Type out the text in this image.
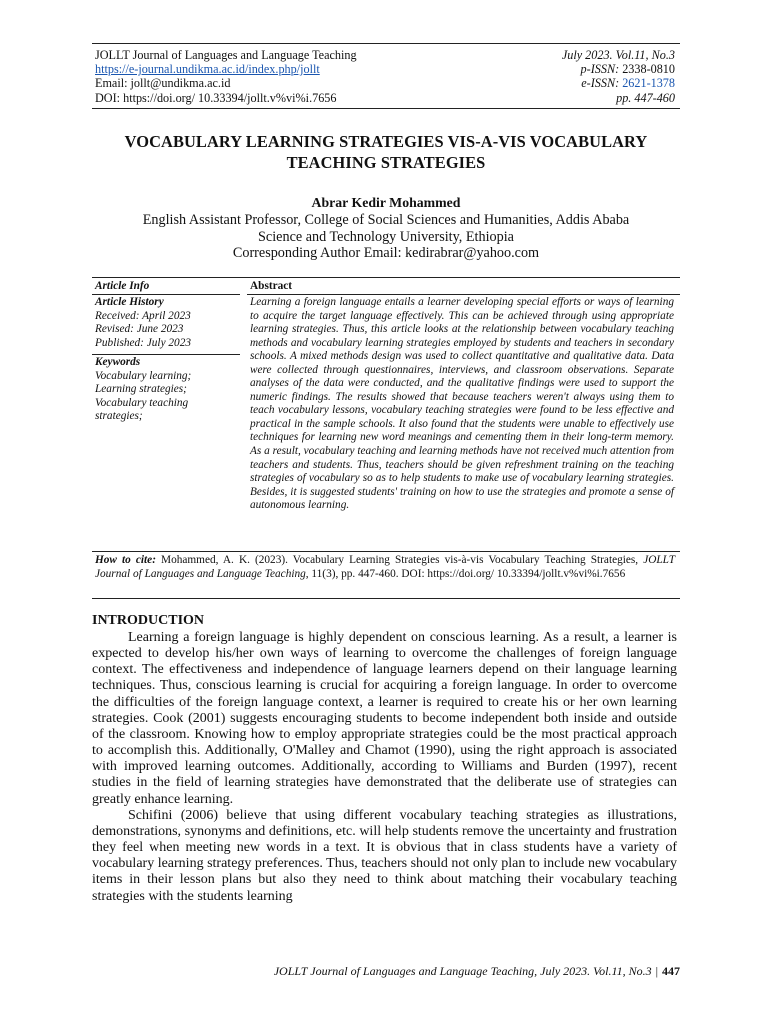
JOLLT Journal of Languages and Language Teaching	July 2023. Vol.11, No.3
https://e-journal.undikma.ac.id/index.php/jollt	p-ISSN: 2338-0810
Email: jollt@undikma.ac.id	e-ISSN: 2621-1378
DOI: https://doi.org/ 10.33394/jollt.v%vi%i.7656	pp. 447-460
VOCABULARY LEARNING STRATEGIES VIS-A-VIS VOCABULARY
TEACHING STRATEGIES
Abrar Kedir Mohammed
English Assistant Professor, College of Social Sciences and Humanities, Addis Ababa
Science and Technology University, Ethiopia
Corresponding Author Email: kedirabrar@yahoo.com
Article Info	Abstract
Article History
Received: April 2023
Revised: June 2023
Published: July 2023
Keywords
Vocabulary learning;
Learning strategies;
Vocabulary teaching strategies;
Learning a foreign language entails a learner developing special efforts or ways of learning to acquire the target language effectively. This can be achieved through using appropriate learning strategies. Thus, this article looks at the relationship between vocabulary teaching methods and vocabulary learning strategies employed by students and teachers in secondary schools. A mixed methods design was used to collect quantitative and qualitative data. Data were collected through questionnaires, interviews, and classroom observations. Separate analyses of the data were conducted, and the qualitative findings were used to support the numeric findings. The results showed that because teachers weren't always using them to teach vocabulary lessons, vocabulary teaching strategies were found to be less effective and practical in the sample schools. It also found that the students were unable to effectively use techniques for learning new word meanings and cementing them in their long-term memory. As a result, vocabulary teaching and learning methods have not received much attention from teachers and students. Thus, teachers should be given refreshment training on the teaching strategies of vocabulary so as to help students to make use of vocabulary learning strategies. Besides, it is suggested students' training on how to use the strategies and promote a sense of autonomous learning.
How to cite: Mohammed, A. K. (2023). Vocabulary Learning Strategies vis-à-vis Vocabulary Teaching Strategies, JOLLT Journal of Languages and Language Teaching, 11(3), pp. 447-460. DOI: https://doi.org/ 10.33394/jollt.v%vi%i.7656
INTRODUCTION

Learning a foreign language is highly dependent on conscious learning. As a result, a learner is expected to develop his/her own ways of learning to overcome the challenges of foreign language context. The effectiveness and independence of language learners depend on their language learning techniques. Thus, conscious learning is crucial for acquiring a foreign language. In order to overcome the difficulties of the foreign language context, a learner is required to create his or her own learning strategies. Cook (2001) suggests encouraging students to become independent both inside and outside of the classroom. Knowing how to employ appropriate strategies could be the most practical approach to accomplish this. Additionally, O'Malley and Chamot (1990), using the right approach is associated with improved learning outcomes. Additionally, according to Williams and Burden (1997), recent studies in the field of learning strategies have demonstrated that the deliberate use of strategies can greatly enhance learning.

Schifini (2006) believe that using different vocabulary teaching strategies as illustrations, demonstrations, synonyms and definitions, etc. will help students remove the uncertainty and frustration they feel when meeting new words in a text. It is obvious that in class students have a variety of vocabulary learning strategy preferences. Thus, teachers should not only plan to include new vocabulary items in their lesson plans but also they need to think about matching their vocabulary teaching strategies with the students learning

JOLLT Journal of Languages and Language Teaching, July 2023. Vol.11, No.3 | 447
